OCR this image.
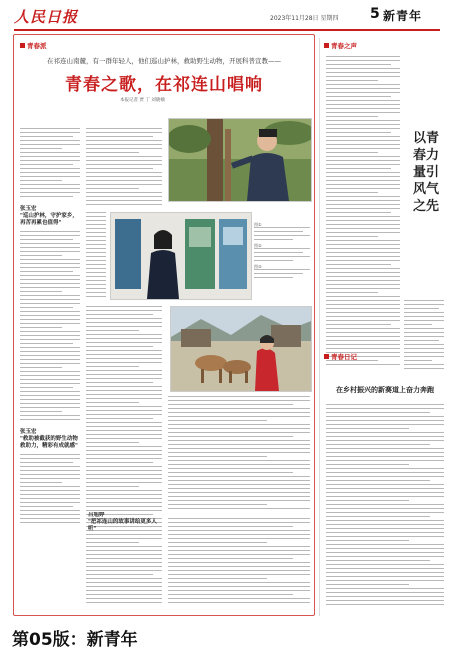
人民日报	2023年11月28日 星期四 5 新青年
青春派
在祁连山南麓，有一群年轻人，他们巡山护林，救助野生动物，开展科普宣教——
青春之歌，在祁连山唱响
本报记者 贾 丁 刘晓楠
张玉宏
"巡山护林，守护家乡，再苦再累也值得"
张玉宏
"救助被截获的野生动物救助力，精彩有成就感"
图①
图②
图③
吕旭婷
"把祁连山的故事讲给更多人听"
青春之声
以青春力量引风气之先
青春日记
在乡村振兴的新赛道上奋力奔跑
第05版：新青年
